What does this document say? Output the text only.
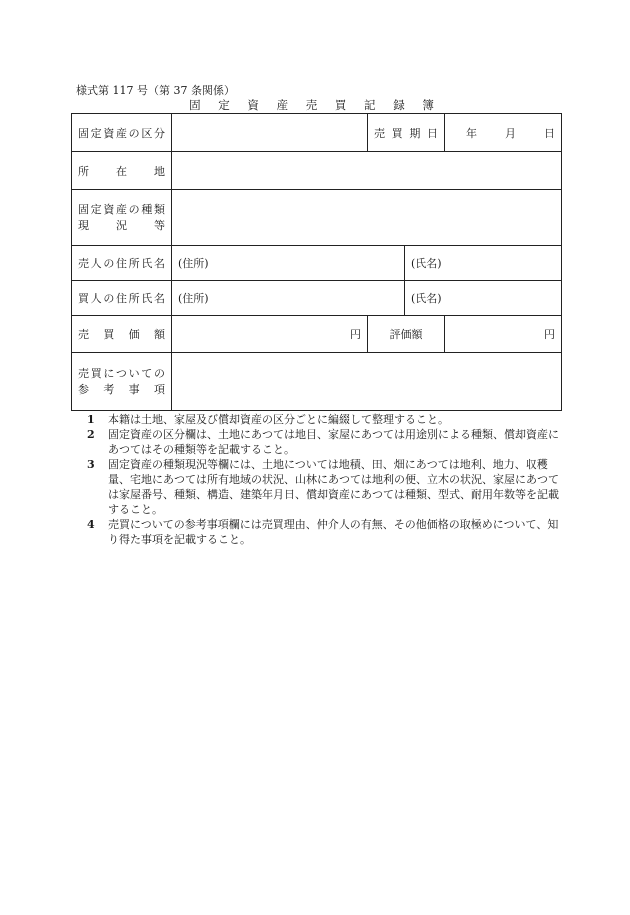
様式第 117 号（第 37 条関係）
固 定 資 産 売 買 記 録 簿
固定資産の区分		売 買 期 日		年 月 日

所　在　地				

固定資産の種類
現　況　等				

売人の住所氏名	(住所)		(氏名)	
買人の住所氏名	(住所)		(氏名)	
売　買　価　額	円	評価額		円

売買についての
参　考　事　項				

1	本籍は土地、家屋及び償却資産の区分ごとに編綴して整理すること。
2	固定資産の区分欄は、土地にあつては地目、家屋にあつては用途別による種類、償却資産にあつてはその種類等を記載すること。
3	固定資産の種類現況等欄には、土地については地積、田、畑にあつては地利、地力、収穫量、宅地にあつては所有地域の状況、山林にあつては地利の便、立木の状況、家屋にあつては家屋番号、種類、構造、建築年月日、償却資産にあつては種類、型式、耐用年数等を記載すること。
4	売買についての参考事項欄には売買理由、仲介人の有無、その他価格の取極めについて、知り得た事項を記載すること。
